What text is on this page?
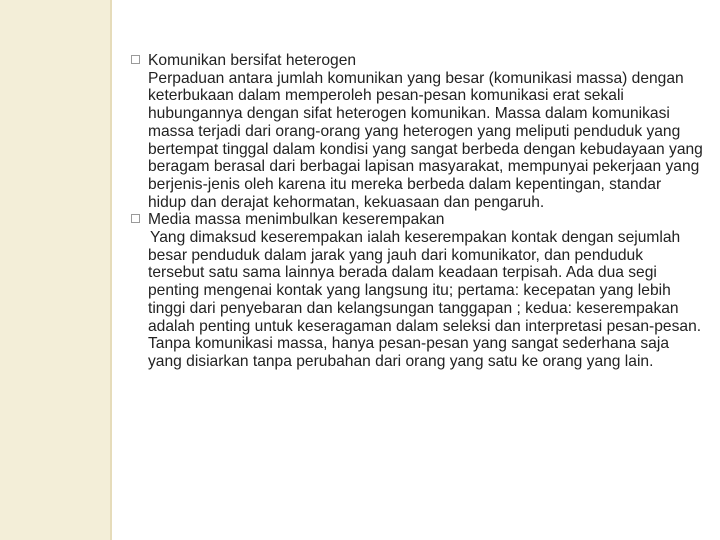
Komunikan bersifat heterogen

Perpaduan antara jumlah komunikan yang besar (komunikasi massa) dengan keterbukaan dalam memperoleh pesan-pesan komunikasi erat sekali hubungannya dengan sifat heterogen komunikan. Massa dalam komunikasi massa terjadi dari orang-orang yang heterogen yang meliputi penduduk yang bertempat tinggal dalam kondisi yang sangat berbeda dengan kebudayaan yang beragam berasal dari berbagai lapisan masyarakat, mempunyai pekerjaan yang berjenis-jenis oleh karena itu mereka berbeda dalam kepentingan, standar hidup dan derajat kehormatan, kekuasaan dan pengaruh.

Media massa menimbulkan keserempakan

Yang dimaksud keserempakan ialah keserempakan kontak dengan sejumlah besar penduduk dalam jarak yang jauh dari komunikator, dan penduduk tersebut satu sama lainnya berada dalam keadaan terpisah. Ada dua segi penting mengenai kontak yang langsung itu; pertama: kecepatan yang lebih tinggi dari penyebaran dan kelangsungan tanggapan ; kedua: keserempakan adalah penting untuk keseragaman dalam seleksi dan interpretasi pesan-pesan. Tanpa komunikasi massa, hanya pesan-pesan yang sangat sederhana saja yang disiarkan tanpa perubahan dari orang yang satu ke orang yang lain.
